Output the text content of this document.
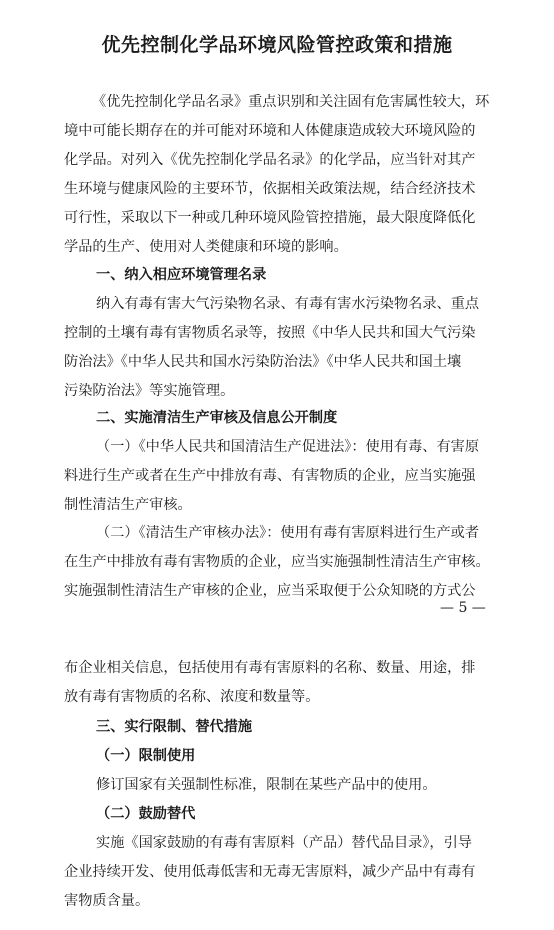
优先控制化学品环境风险管控政策和措施
《优先控制化学品名录》重点识别和关注固有危害属性较大，环
境中可能长期存在的并可能对环境和人体健康造成较大环境风险的
化学品。对列入《优先控制化学品名录》的化学品，应当针对其产
生环境与健康风险的主要环节，依据相关政策法规，结合经济技术
可行性，采取以下一种或几种环境风险管控措施，最大限度降低化
学品的生产、使用对人类健康和环境的影响。
一、纳入相应环境管理名录
纳入有毒有害大气污染物名录、有毒有害水污染物名录、重点
控制的土壤有毒有害物质名录等，按照《中华人民共和国大气污染
防治法》《中华人民共和国水污染防治法》《中华人民共和国土壤
污染防治法》等实施管理。
二、实施清洁生产审核及信息公开制度
（一）《中华人民共和国清洁生产促进法》：使用有毒、有害原
料进行生产或者在生产中排放有毒、有害物质的企业，应当实施强
制性清洁生产审核。
（二）《清洁生产审核办法》：使用有毒有害原料进行生产或者
在生产中排放有毒有害物质的企业，应当实施强制性清洁生产审核。
实施强制性清洁生产审核的企业，应当采取便于公众知晓的方式公
— 5 —
布企业相关信息，包括使用有毒有害原料的名称、数量、用途，排
放有毒有害物质的名称、浓度和数量等。
三、实行限制、替代措施
（一）限制使用
修订国家有关强制性标准，限制在某些产品中的使用。
（二）鼓励替代
实施《国家鼓励的有毒有害原料（产品）替代品目录》，引导
企业持续开发、使用低毒低害和无毒无害原料，减少产品中有毒有
害物质含量。
